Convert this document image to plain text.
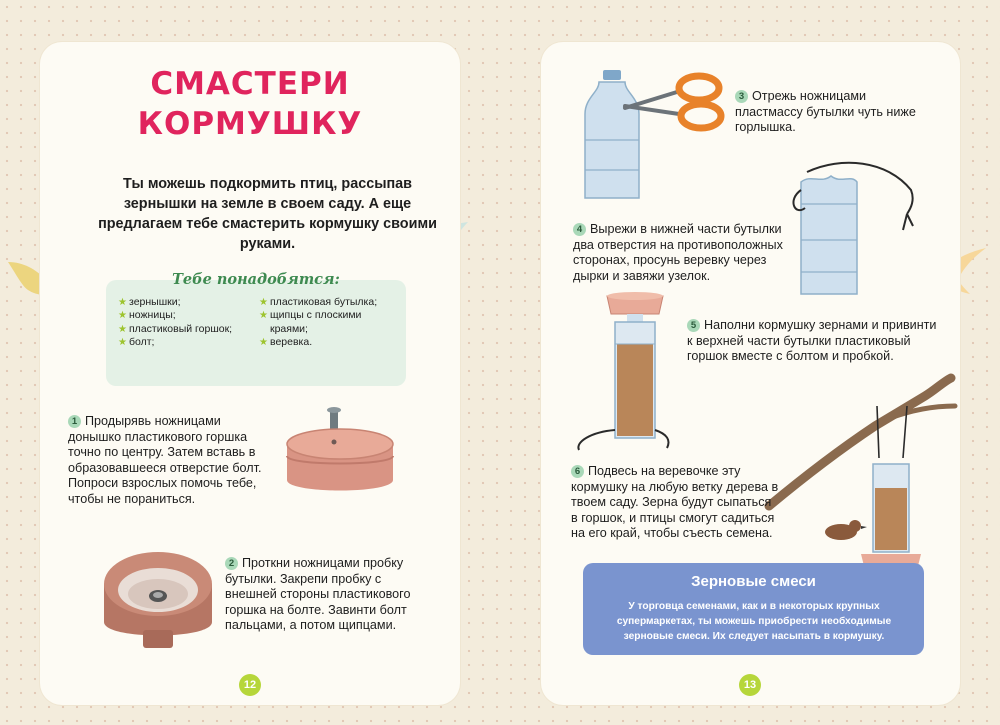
СМАСТЕРИ
КОРМУШКУ
Ты можешь подкормить птиц, рассыпав зернышки на земле в своем саду. А еще предлагаем тебе смастерить кормушку своими руками.
Тебе понадобятся:
★ зернышки;
★ ножницы;
★ пластиковый горшок;
★ болт;
★ пластиковая бутылка;
★ щипцы с плоскими краями;
★ веревка.
1 Продырявь ножницами донышко пластикового горшка точно по центру. Затем вставь в образовавшееся отверстие болт. Попроси взрослых помочь тебе, чтобы не пораниться.
2 Проткни ножницами пробку бутылки. Закрепи пробку с внешней стороны пластикового горшка на болте. Завинти болт пальцами, а потом щипцами.
12
3 Отрежь ножницами пластмассу бутылки чуть ниже горлышка.
4 Вырежи в нижней части бутылки два отверстия на противоположных сторонах, просунь веревку через дырки и завяжи узелок.
5 Наполни кормушку зернами и привинти к верхней части бутылки пластиковый горшок вместе с болтом и пробкой.
6 Подвесь на веревочке эту кормушку на любую ветку дерева в твоем саду. Зерна будут сыпаться в горшок, и птицы смогут садиться на его край, чтобы съесть семена.
Зерновые смеси
У торговца семенами, как и в некоторых крупных супермаркетах, ты можешь приобрести необходимые зерновые смеси. Их следует насыпать в кормушку.
13
